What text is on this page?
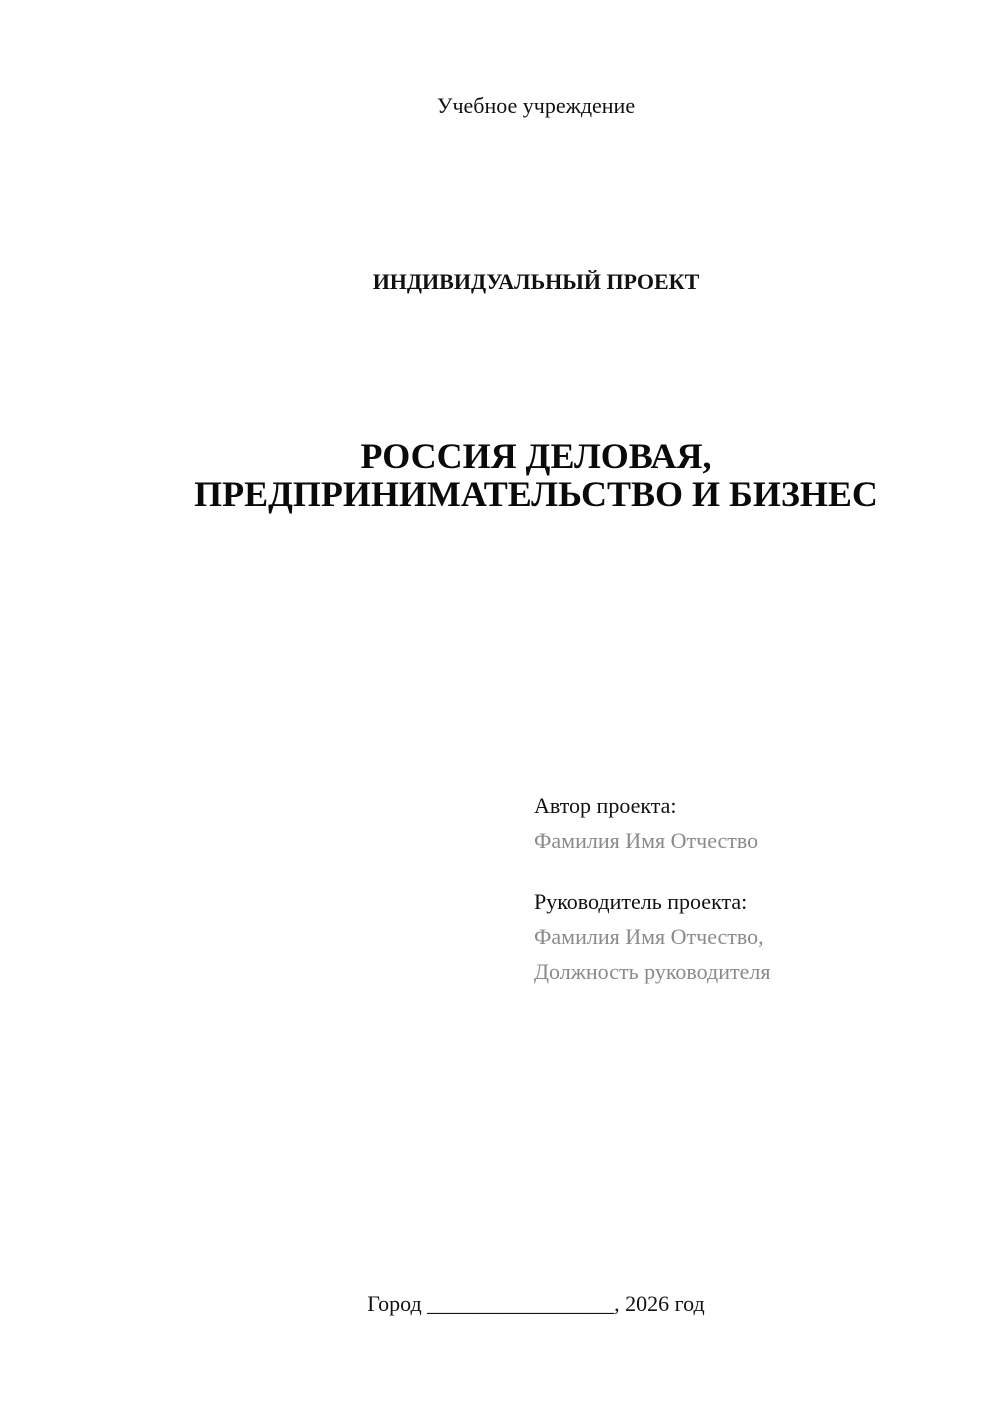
Учебное учреждение
ИНДИВИДУАЛЬНЫЙ ПРОЕКТ
РОССИЯ ДЕЛОВАЯ,
ПРЕДПРИНИМАТЕЛЬСТВО И БИЗНЕС
Автор проекта:
Фамилия Имя Отчество
Руководитель проекта:
Фамилия Имя Отчество,
Должность руководителя
Город _________________, 2026 год
